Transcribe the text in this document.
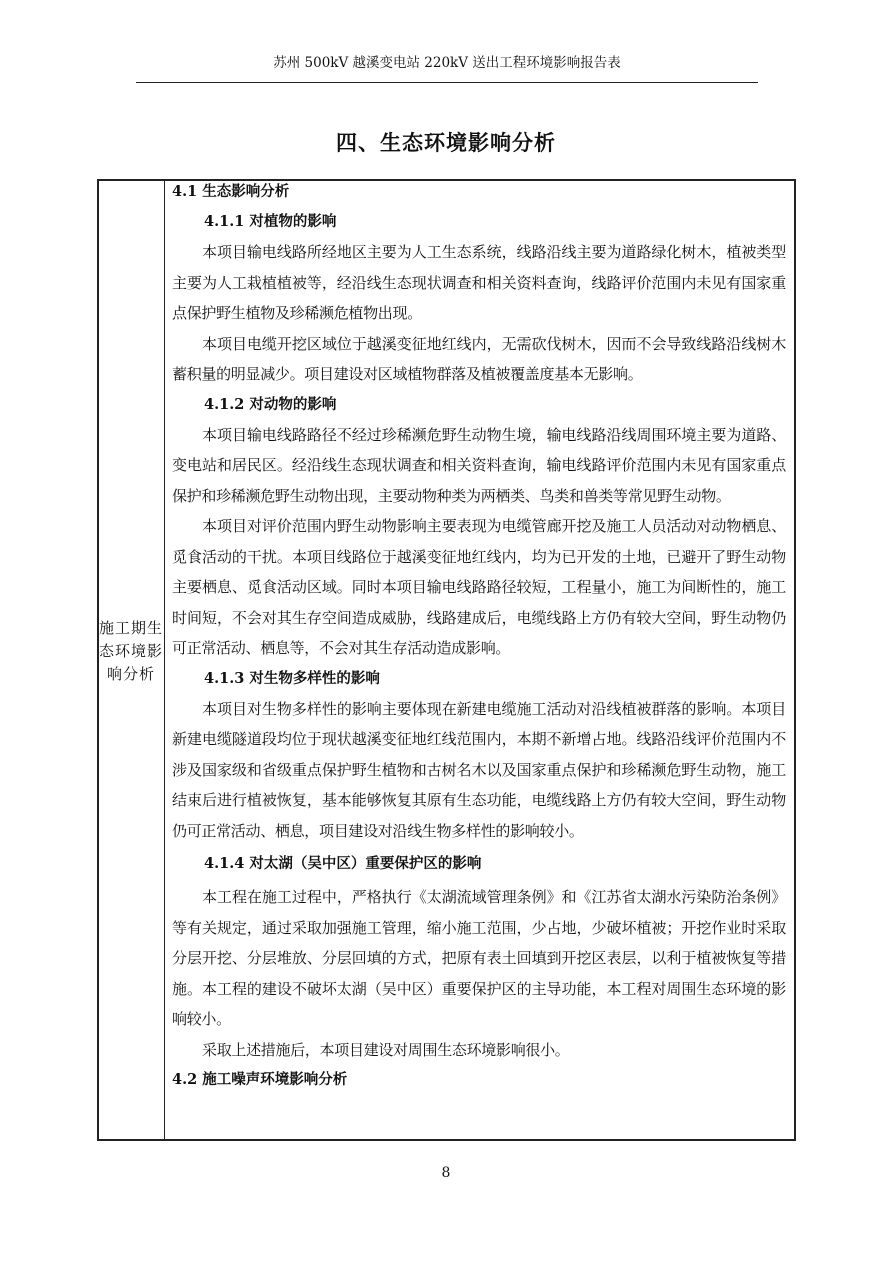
苏州 500kV 越溪变电站 220kV 送出工程环境影响报告表
四、生态环境影响分析
施工期生态环境影响分析
4.1 生态影响分析
4.1.1 对植物的影响

本项目输电线路所经地区主要为人工生态系统，线路沿线主要为道路绿化树木，植被类型主要为人工栽植植被等，经沿线生态现状调查和相关资料查询，线路评价范围内未见有国家重点保护野生植物及珍稀濒危植物出现。

本项目电缆开挖区域位于越溪变征地红线内，无需砍伐树木，因而不会导致线路沿线树木蓄积量的明显减少。项目建设对区域植物群落及植被覆盖度基本无影响。

4.1.2 对动物的影响

本项目输电线路路径不经过珍稀濒危野生动物生境，输电线路沿线周围环境主要为道路、变电站和居民区。经沿线生态现状调查和相关资料查询，输电线路评价范围内未见有国家重点保护和珍稀濒危野生动物出现，主要动物种类为两栖类、鸟类和兽类等常见野生动物。

本项目对评价范围内野生动物影响主要表现为电缆管廊开挖及施工人员活动对动物栖息、觅食活动的干扰。本项目线路位于越溪变征地红线内，均为已开发的土地，已避开了野生动物主要栖息、觅食活动区域。同时本项目输电线路路径较短，工程量小，施工为间断性的，施工时间短，不会对其生存空间造成威胁，线路建成后，电缆线路上方仍有较大空间，野生动物仍可正常活动、栖息等，不会对其生存活动造成影响。

4.1.3 对生物多样性的影响

本项目对生物多样性的影响主要体现在新建电缆施工活动对沿线植被群落的影响。本项目新建电缆隧道段均位于现状越溪变征地红线范围内，本期不新增占地。线路沿线评价范围内不涉及国家级和省级重点保护野生植物和古树名木以及国家重点保护和珍稀濒危野生动物，施工结束后进行植被恢复，基本能够恢复其原有生态功能，电缆线路上方仍有较大空间，野生动物仍可正常活动、栖息，项目建设对沿线生物多样性的影响较小。

4.1.4 对太湖（吴中区）重要保护区的影响

本工程在施工过程中，严格执行《太湖流域管理条例》和《江苏省太湖水污染防治条例》等有关规定，通过采取加强施工管理，缩小施工范围，少占地，少破坏植被；开挖作业时采取分层开挖、分层堆放、分层回填的方式，把原有表土回填到开挖区表层，以利于植被恢复等措施。本工程的建设不破坏太湖（吴中区）重要保护区的主导功能，本工程对周围生态环境的影响较小。

采取上述措施后，本项目建设对周围生态环境影响很小。

4.2 施工噪声环境影响分析
8
